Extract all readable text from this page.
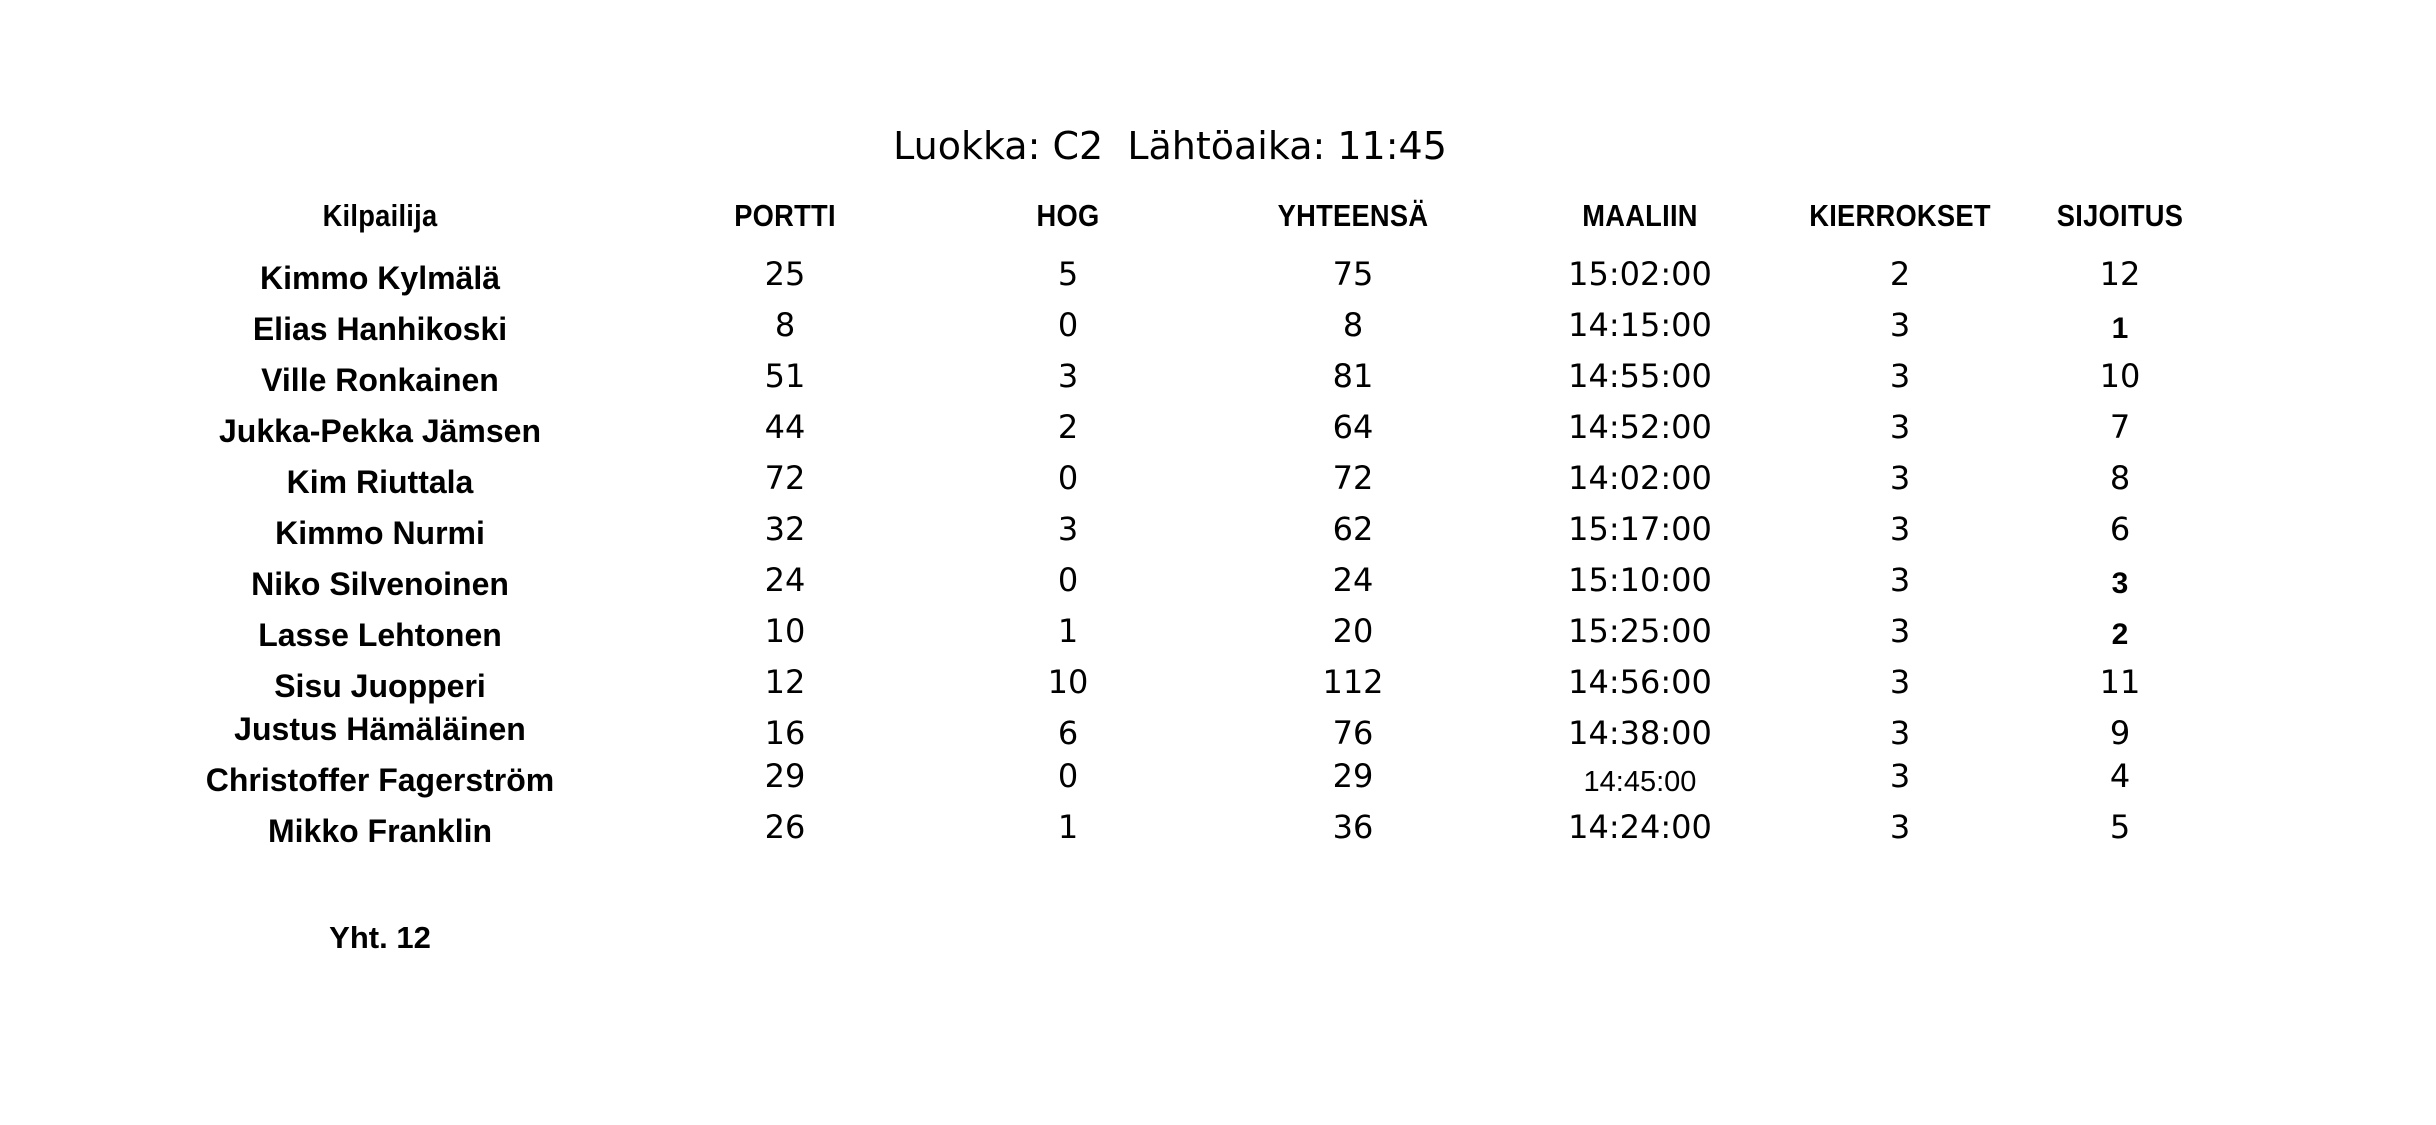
Luokka: C2  Lähtöaika: 11:45
Kilpailija	PORTTI	HOG	YHTEENSÄ	MAALIIN	KIERROKSET SIJOITUS
Kimmo Kylmälä	25	5	75	15:02:00	2	12
Elias Hanhikoski	8	0	8	14:15:00	3	1
Ville Ronkainen	51	3	81	14:55:00	3	10
Jukka-Pekka Jämsen	44	2	64	14:52:00	3	7
Kim Riuttala	72	0	72	14:02:00	3	8
Kimmo Nurmi	32	3	62	15:17:00	3	6
Niko Silvenoinen	24	0	24	15:10:00	3	3
Lasse Lehtonen	10	1	20	15:25:00	3	2
Sisu Juopperi	12	10	112	14:56:00	3	11
Justus Hämäläinen	16	6	76	14:38:00	3	9
Christoffer Fagerström	29	0	29	14:45:00	3	4
Mikko Franklin	26	1	36	14:24:00	3	5
Yht. 12
